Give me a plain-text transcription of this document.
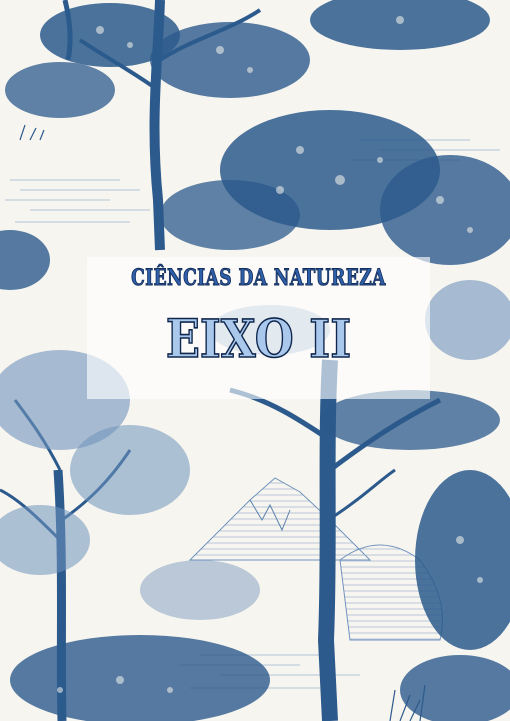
CIÊNCIAS DA NATUREZA
EIXO II
